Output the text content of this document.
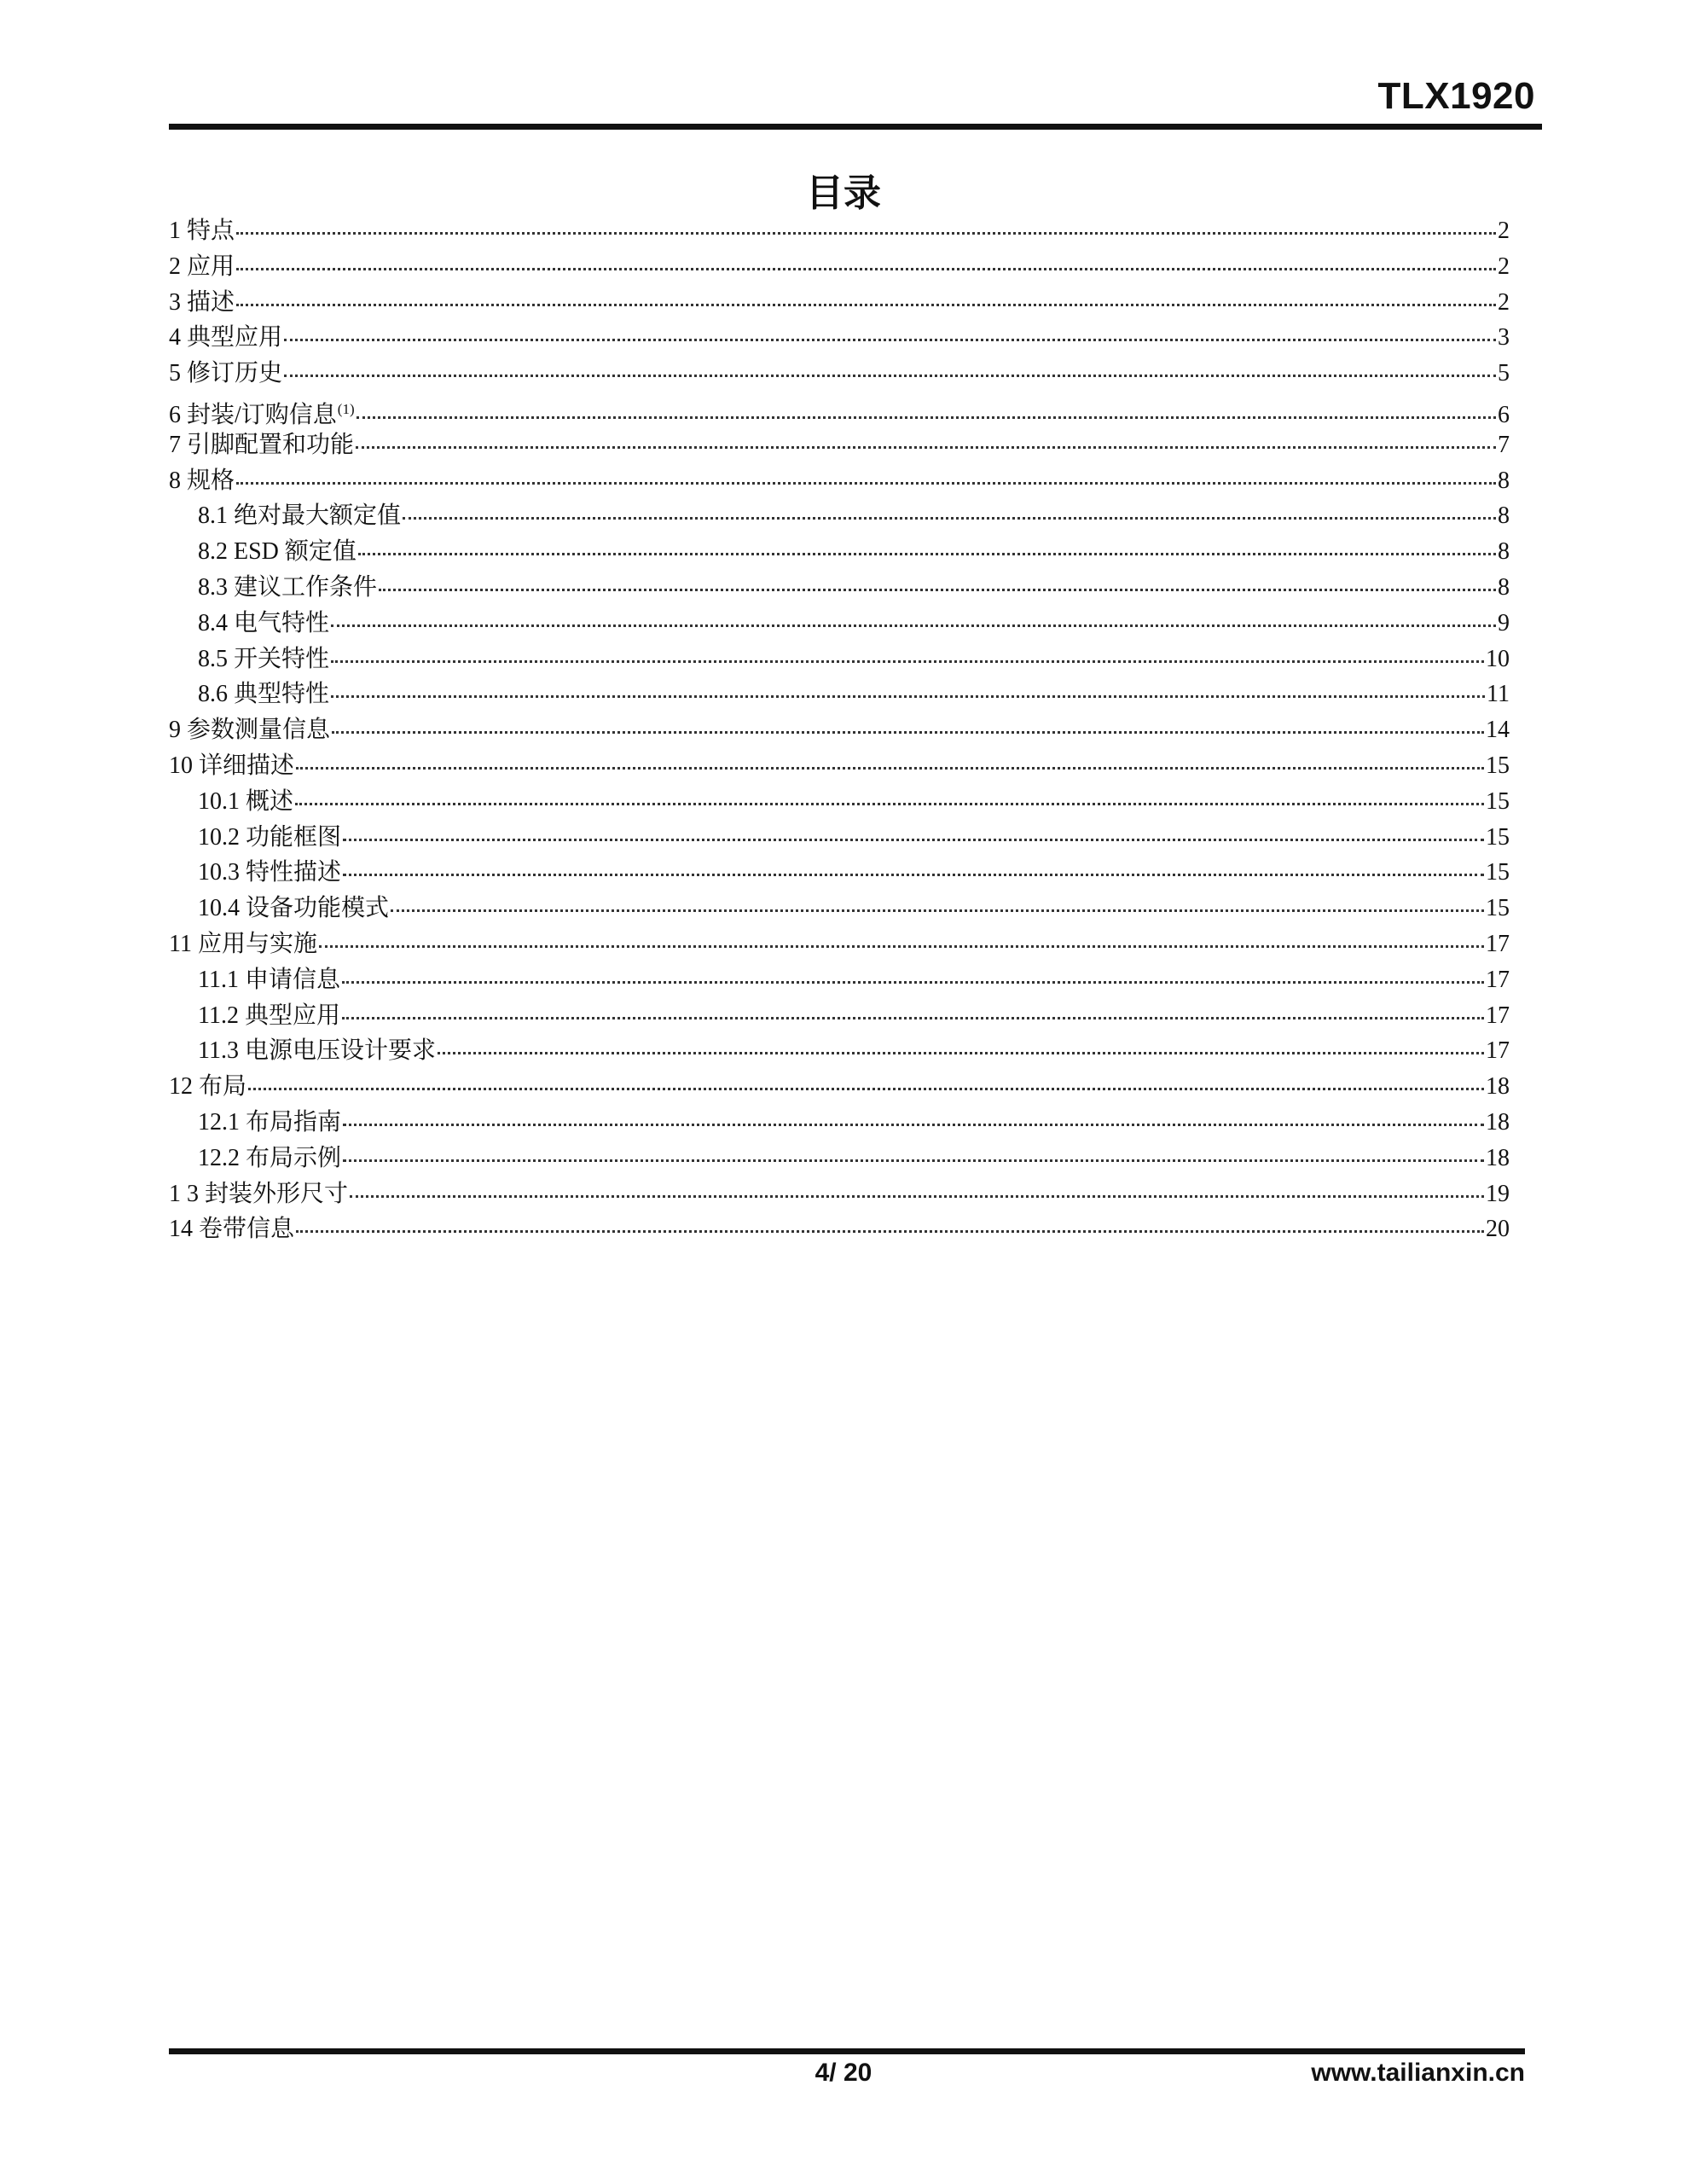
TLX1920
目录
1 特点	2
2 应用	2
3 描述	2
4 典型应用	3
5 修订历史	5
6 封装/订购信息$^{(1)}$	6
7 引脚配置和功能	7
8 规格	8
8.1 绝对最大额定值	8
8.2 ESD 额定值	8
8.3 建议工作条件	8
8.4 电气特性	9
8.5 开关特性	10
8.6 典型特性	11
9 参数测量信息	14
10 详细描述	15
10.1 概述	15
10.2 功能框图	15
10.3 特性描述	15
10.4 设备功能模式	15
11 应用与实施	17
11.1 申请信息	17
11.2 典型应用	17
11.3 电源电压设计要求	17
12 布局	18
12.1 布局指南	18
12.2 布局示例	18
1 3 封装外形尺寸	19
14 卷带信息	20
4/ 20	www.tailianxin.cn
